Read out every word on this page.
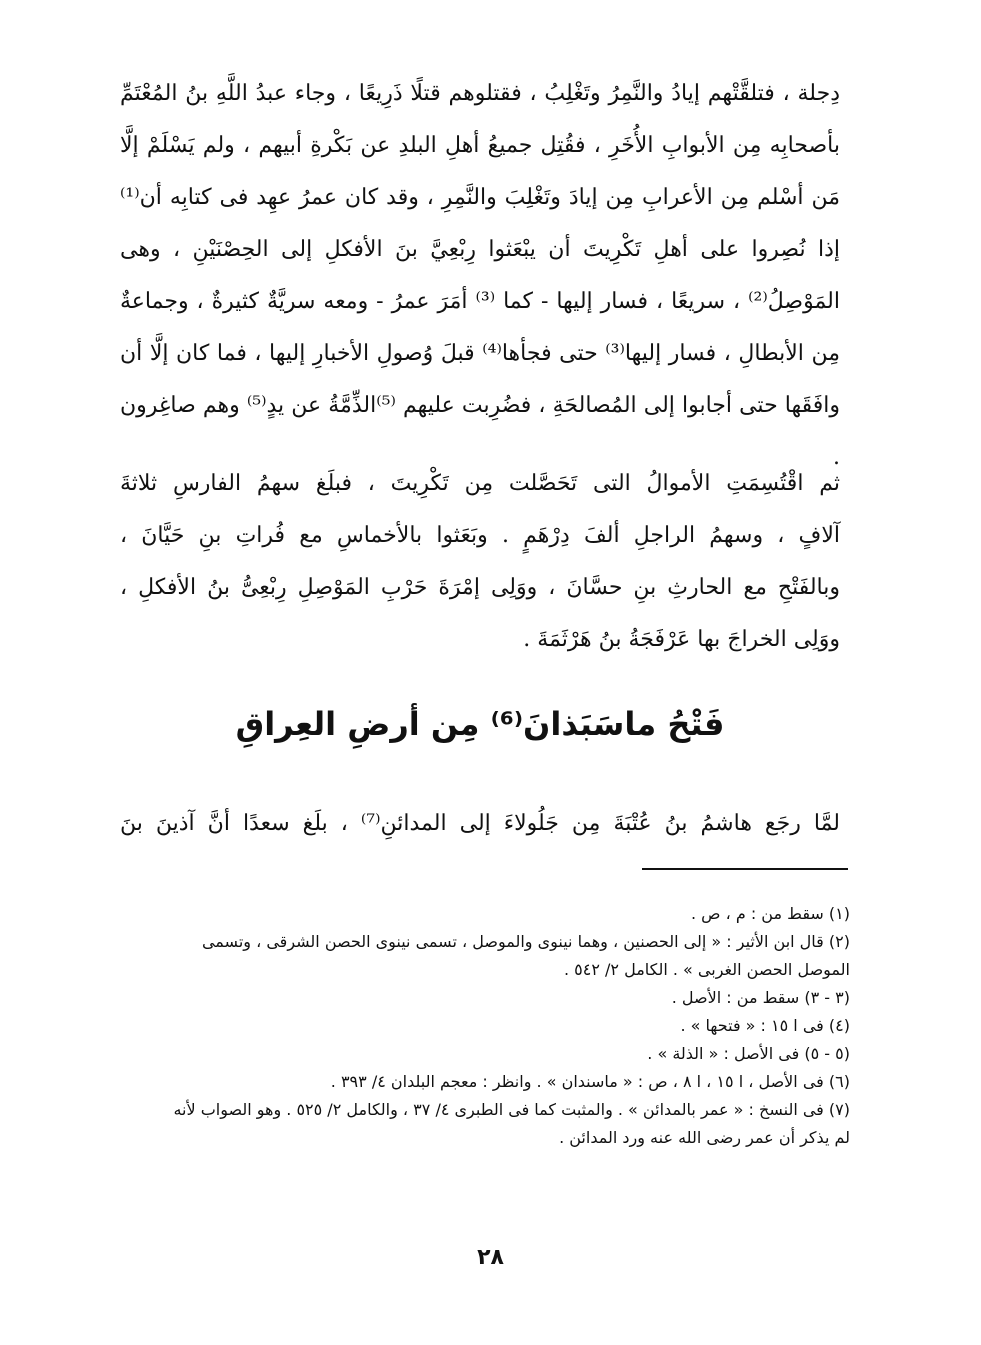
دِجلة ، فتلقَّتْهم إيادُ والنَّمِرُ وتَغْلِبُ ، فقتلوهم قتلًا ذَرِيعًا ، وجاء عبدُ اللَّهِ بنُ المُعْتَمِّ

بأصحابِه مِن الأبوابِ الأُخَرِ ، فقُتِل جميعُ أهلِ البلدِ عن بَكْرةِ أبيهم ، ولم يَسْلَمْ إلَّا

مَن أسْلم مِن الأعرابِ مِن إيادَ وتَغْلِبَ والنَّمِرِ ، وقد كان عمرُ عهِد فى كتابِه أن⁽¹⁾

إذا نُصِروا على أهلِ تَكْرِيتَ أن يبْعَثوا رِبْعِيَّ بنَ الأفكلِ إلى الحِصْنَيْنِ ، وهى

المَوْصِلُ⁽²⁾ ، سريعًا ، فسار إليها - كما ⁽³⁾ أمَرَ عمرُ - ومعه سريَّةٌ كثيرةٌ ، وجماعةٌ

مِن الأبطالِ ، فسار إليها⁽³⁾ حتى فجأها⁽⁴⁾ قبلَ وُصولِ الأخبارِ إليها ، فما كان إلَّا أن

وافَقَها حتى أجابوا إلى المُصالحَةِ ، فضُرِبت عليهم ⁽⁵⁾الذِّمَّةُ عن يدٍ⁽⁵⁾ وهم صاغِرون .

ثم اقْتُسِمَتِ الأموالُ التى تَحَصَّلت مِن تَكْرِيتَ ، فبلَغ سهمُ الفارسِ ثلاثةَ

آلافٍ ، وسهمُ الراجلِ ألفَ دِرْهَمٍ . وبَعَثوا بالأخماسِ مع فُراتِ بنِ حَيَّانَ ،

وبالفَتْحِ مع الحارثِ بنِ حسَّانَ ، ووَلِى إمْرَةَ حَرْبِ المَوْصِلِ رِبْعِىُّ بنُ الأفكلِ ،

ووَلِى الخراجَ بها عَرْفَجَةُ بنُ هَرْثَمَةَ .

فَتْحُ ماسَبَذانَ⁽⁶⁾ مِن أرضِ العِراقِ

لمَّا رجَع هاشمُ بنُ عُتْبَةَ مِن جَلُولاءَ إلى المدائنِ⁽⁷⁾ ، بلَغ سعدًا أنَّ آذينَ بنَ

(١) سقط من : م ، ص .
(٢) قال ابن الأثير : « إلى الحصنين ، وهما نينوى والموصل ، تسمى نينوى الحصن الشرقى ، وتسمى الموصل الحصن الغربى » . الكامل ٢/ ٥٤٢ .
(٣ - ٣) سقط من : الأصل .
(٤) فى ا ١٥ : « فتحها » .
(٥ - ٥) فى الأصل : « الذلة » .
(٦) فى الأصل ، ا ١٥ ، ا ٨ ، ص : « ماسندان » . وانظر : معجم البلدان ٤/ ٣٩٣ .
(٧) فى النسخ : « عمر بالمدائن » . والمثبت كما فى الطبرى ٤/ ٣٧ ، والكامل ٢/ ٥٢٥ . وهو الصواب لأنه لم يذكر أن عمر رضى الله عنه ورد المدائن .
٢٨
